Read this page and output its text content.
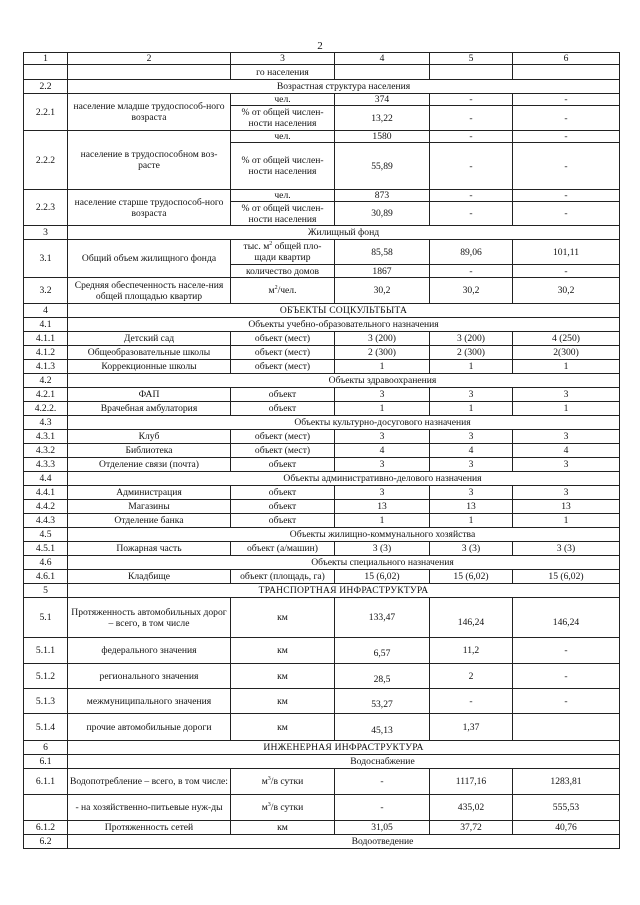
2
1	2	3	4	5	6
		го населения			
2.2	Возрастная структура населения				
2.2.1	население младше трудоспособ-ного возраста	чел.	374	-	-
		% от общей числен-ности населения	13,22	-	-
2.2.2	население в трудоспособном воз-расте	чел.	1580	-	-
		% от общей числен-ности населения	55,89	-	-
2.2.3	население старше трудоспособ-ного возраста	чел.	873	-	-
		% от общей числен-ности населения	30,89	-	-
3	Жилищный фонд				
3.1	Общий объем жилищного фонда	тыс. $м^2$ общей пло-щади квартир	85,58	89,06	101,11
		количество домов	1867	-	-
3.2	Средняя обеспеченность населе-ния общей площадью квартир	$м^2$/чел.	30,2	30,2	30,2
4	ОБЪЕКТЫ СОЦКУЛЬТБЫТА				
4.1	Объекты учебно-образовательного назначения				
4.1.1	Детский сад	объект (мест)	3 (200)	3 (200)	4 (250)
4.1.2	Общеобразовательные школы	объект (мест)	2 (300)	2 (300)	2(300)
4.1.3	Коррекционные школы	объект (мест)	1	1	1
4.2	Объекты здравоохранения				
4.2.1	ФАП	объект	3	3	3
4.2.2.	Врачебная амбулатория	объект	1	1	1
4.3	Объекты культурно-досугового назначения				
4.3.1	Клуб	объект (мест)	3	3	3
4.3.2	Библиотека	объект (мест)	4	4	4
4.3.3	Отделение связи (почта)	объект	3	3	3
4.4	Объекты административно-делового назначения				
4.4.1	Администрация	объект	3	3	3
4.4.2	Магазины	объект	13	13	13
4.4.3	Отделение банка	объект	1	1	1
4.5	Объекты жилищно-коммунального хозяйства				
4.5.1	Пожарная часть	объект (а/машин)	3 (3)	3 (3)	3 (3)
4.6	Объекты специального назначения				
4.6.1	Кладбище	объект (площадь, га)	15 (6,02)	15 (6,02)	15 (6,02)
5	ТРАНСПОРТНАЯ ИНФРАСТРУКТУРА				
5.1	Протяженность автомобильных дорог – всего, в том числе	км	133,47	146,24	146,24
5.1.1	федерального значения	км	6,57	11,2	-
5.1.2	регионального значения	км	28,5	2	-
5.1.3	межмуниципального значения	км	53,27	-	-
5.1.4	прочие автомобильные дороги	км	45,13	1,37	
6	ИНЖЕНЕРНАЯ ИНФРАСТРУКТУРА				
6.1	Водоснабжение				
6.1.1	Водопотребление – всего, в том числе:	$м^3/в$ сутки	-	1117,16	1283,81
	- на хозяйственно-питьевые нуж-ды	$м^3/в$ сутки	-	435,02	555,53
6.1.2	Протяженность сетей	км	31,05	37,72	40,76
6.2	Водоотведение				
